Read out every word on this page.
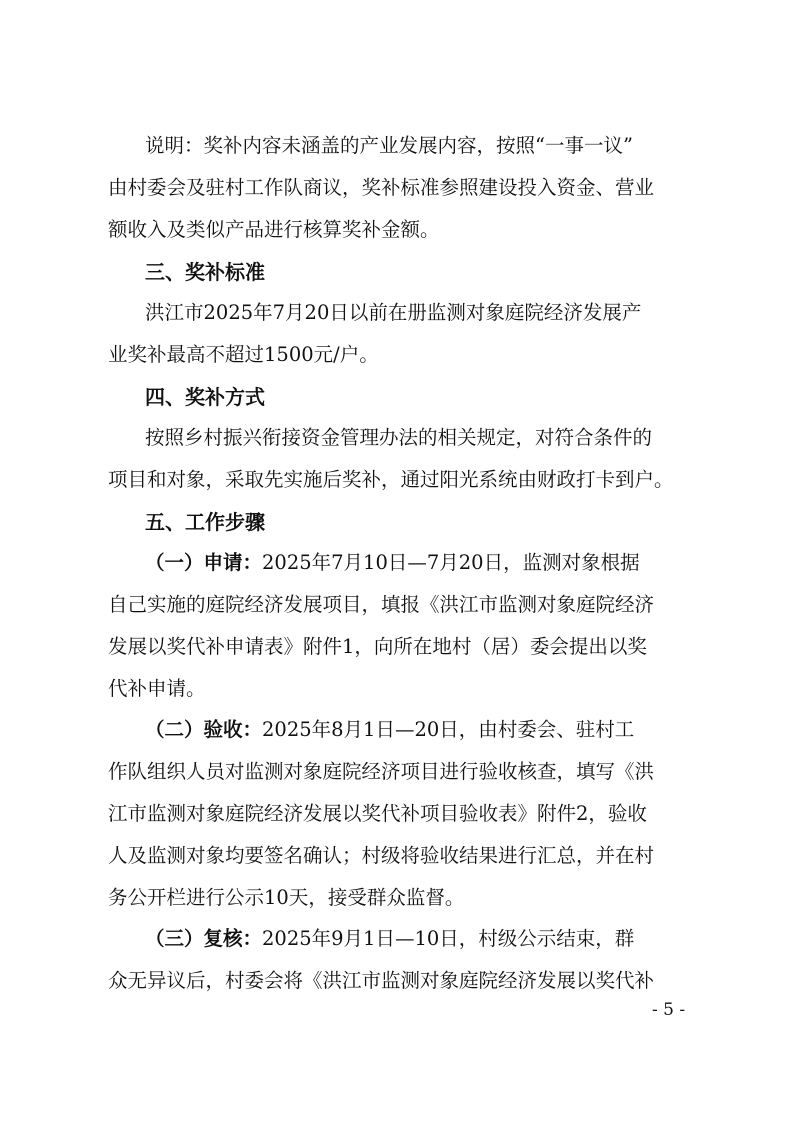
说明：奖补内容未涵盖的产业发展内容，按照“一事一议”
由村委会及驻村工作队商议，奖补标准参照建设投入资金、营业
额收入及类似产品进行核算奖补金额。
三、奖补标准
洪江市2025年7月20日以前在册监测对象庭院经济发展产
业奖补最高不超过1500元/户。
四、奖补方式
按照乡村振兴衔接资金管理办法的相关规定，对符合条件的
项目和对象，采取先实施后奖补，通过阳光系统由财政打卡到户。
五、工作步骤
（一）申请：2025年7月10日—7月20日，监测对象根据
自己实施的庭院经济发展项目，填报《洪江市监测对象庭院经济
发展以奖代补申请表》附件1，向所在地村（居）委会提出以奖
代补申请。
（二）验收：2025年8月1日—20日，由村委会、驻村工
作队组织人员对监测对象庭院经济项目进行验收核查，填写《洪
江市监测对象庭院经济发展以奖代补项目验收表》附件2，验收
人及监测对象均要签名确认；村级将验收结果进行汇总，并在村
务公开栏进行公示10天，接受群众监督。
（三）复核：2025年9月1日—10日，村级公示结束，群
众无异议后，村委会将《洪江市监测对象庭院经济发展以奖代补
- 5 -
